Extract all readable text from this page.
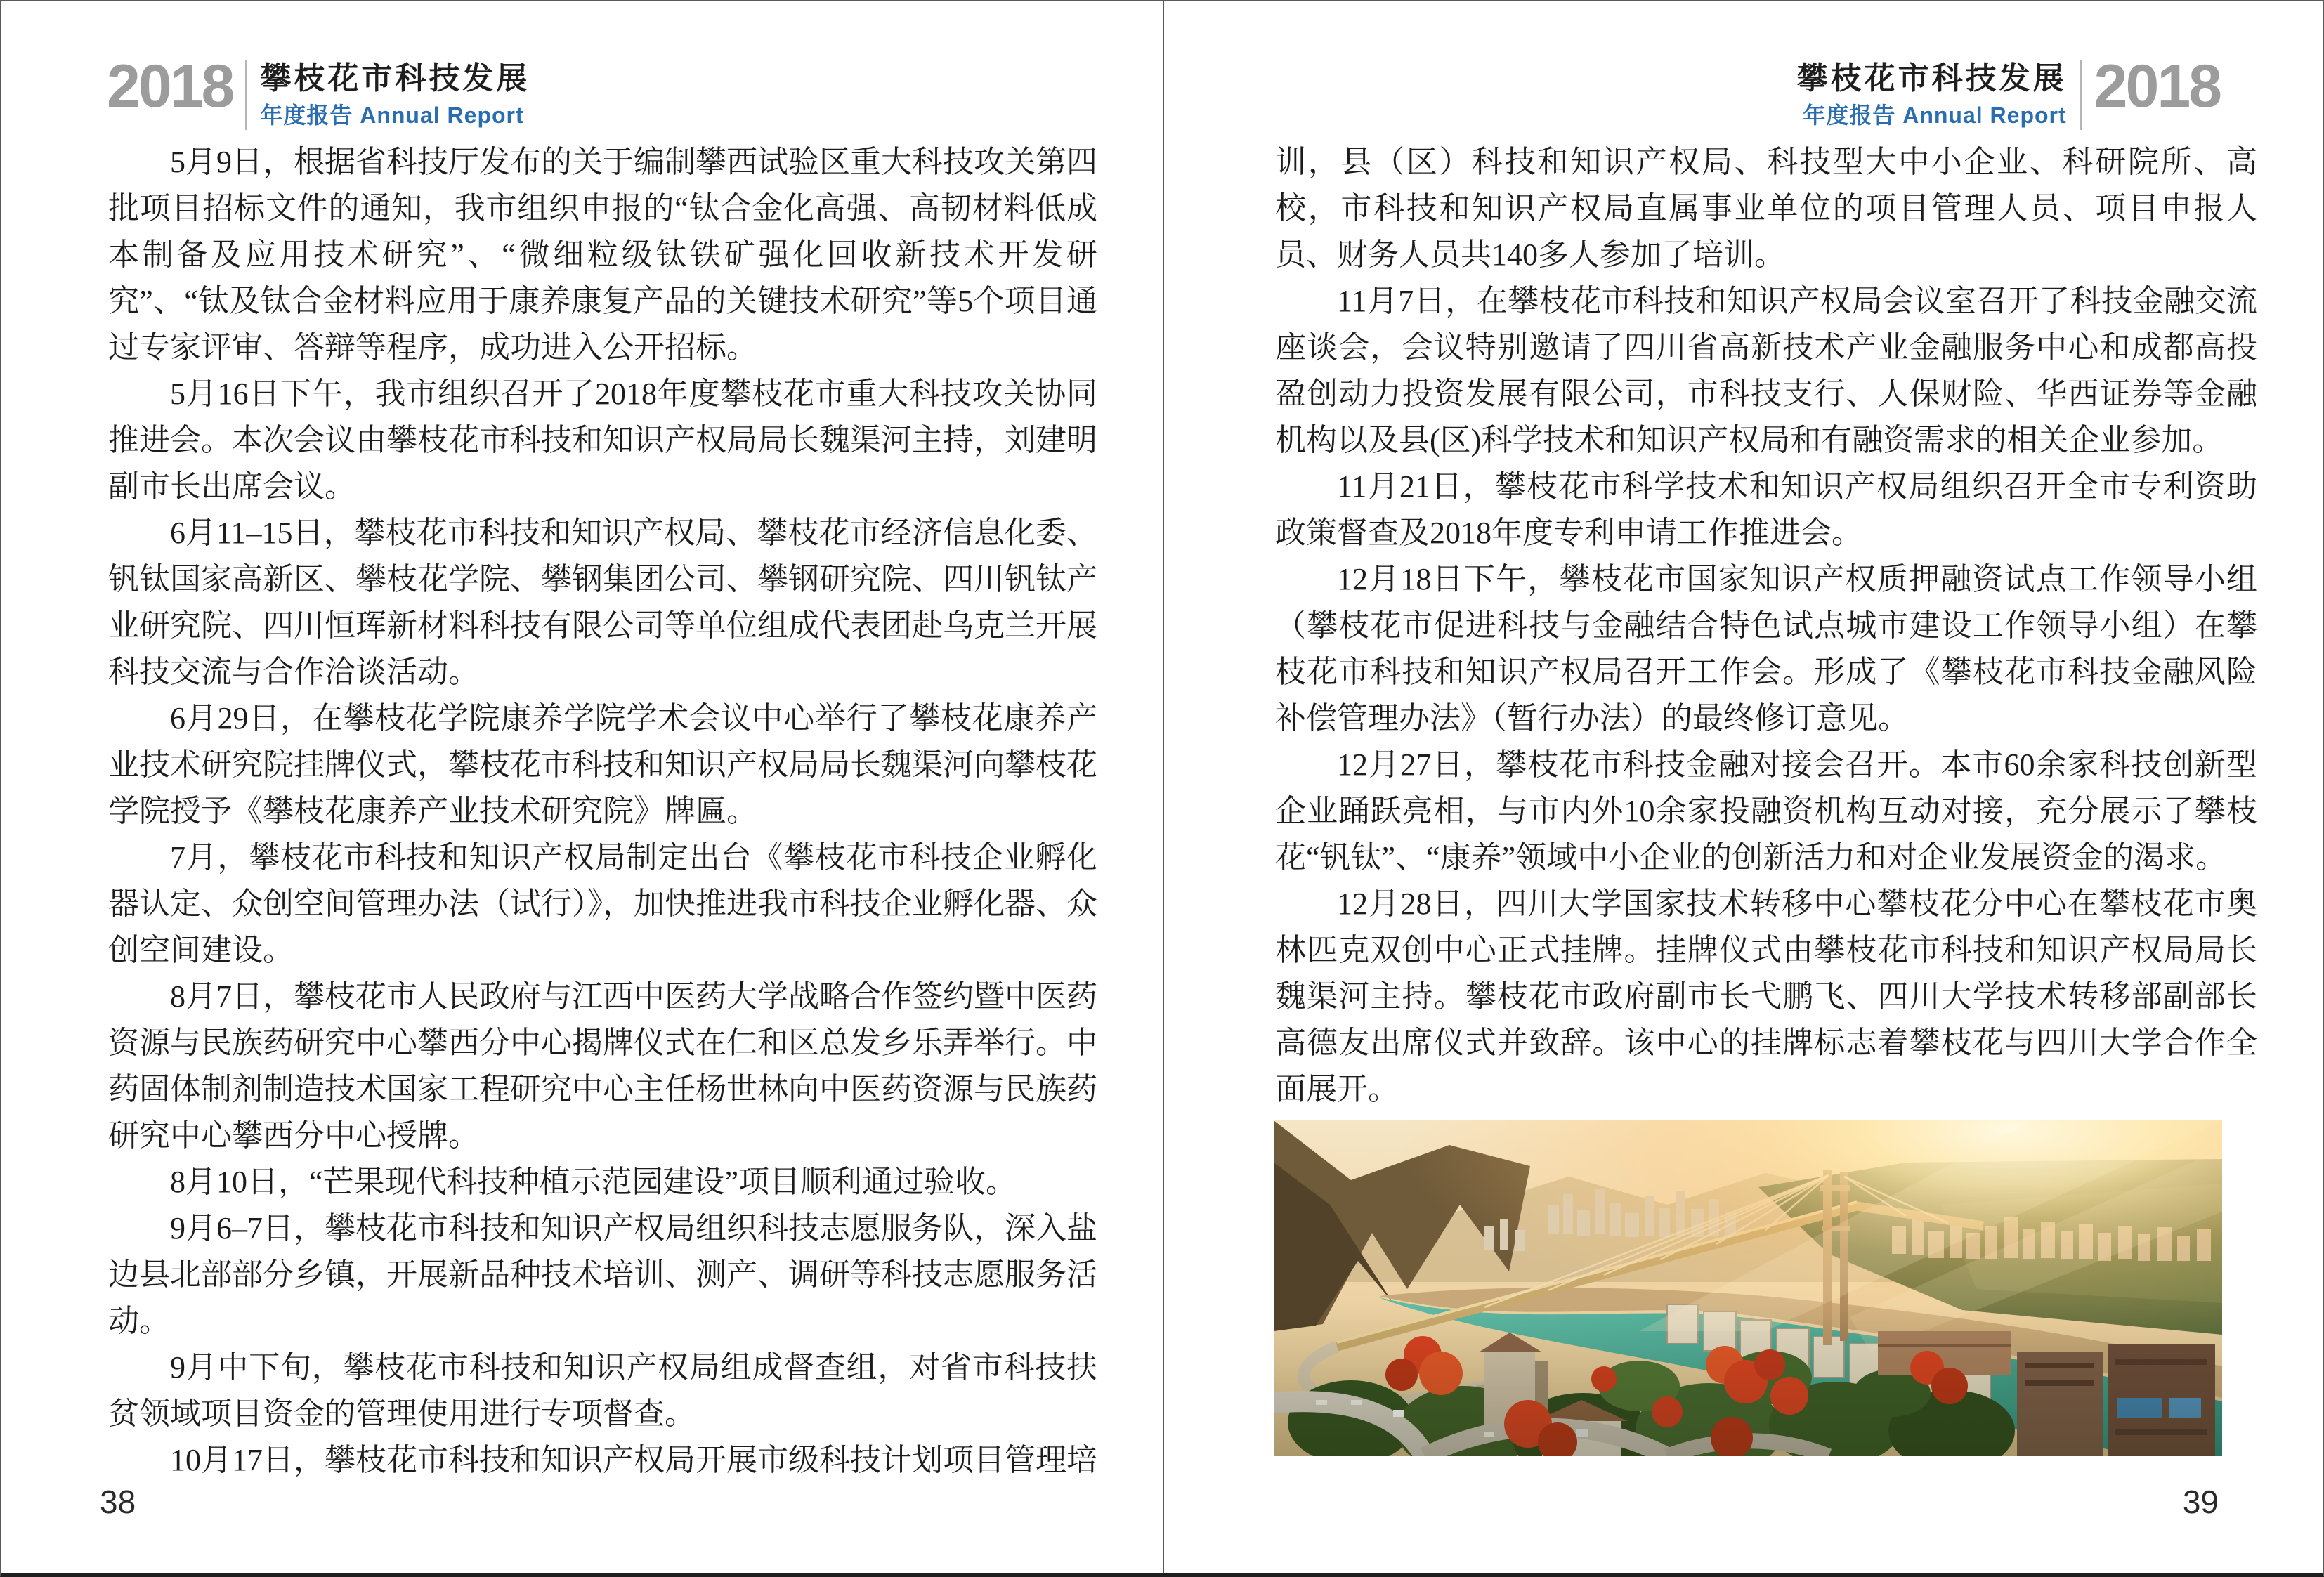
2018 攀枝花市科技发展
年度报告 Annual Report

5月9日，根据省科技厅发布的关于编制攀西试验区重大科技攻关第四批项目招标文件的通知，我市组织申报的“钛合金化高强、高韧材料低成本制备及应用技术研究”、“微细粒级钛铁矿强化回收新技术开发研究”、“钛及钛合金材料应用于康养康复产品的关键技术研究”等5个项目通过专家评审、答辩等程序，成功进入公开招标。

5月16日下午，我市组织召开了2018年度攀枝花市重大科技攻关协同推进会。本次会议由攀枝花市科技和知识产权局局长魏渠河主持，刘建明副市长出席会议。

6月11–15日，攀枝花市科技和知识产权局、攀枝花市经济信息化委、钒钛国家高新区、攀枝花学院、攀钢集团公司、攀钢研究院、四川钒钛产业研究院、四川恒珲新材料科技有限公司等单位组成代表团赴乌克兰开展科技交流与合作洽谈活动。

6月29日，在攀枝花学院康养学院学术会议中心举行了攀枝花康养产业技术研究院挂牌仪式，攀枝花市科技和知识产权局局长魏渠河向攀枝花学院授予《攀枝花康养产业技术研究院》牌匾。

7月，攀枝花市科技和知识产权局制定出台《攀枝花市科技企业孵化器认定、众创空间管理办法（试行）》，加快推进我市科技企业孵化器、众创空间建设。

8月7日，攀枝花市人民政府与江西中医药大学战略合作签约暨中医药资源与民族药研究中心攀西分中心揭牌仪式在仁和区总发乡乐弄举行。中药固体制剂制造技术国家工程研究中心主任杨世林向中医药资源与民族药研究中心攀西分中心授牌。

8月10日，“芒果现代科技种植示范园建设”项目顺利通过验收。

9月6–7日，攀枝花市科技和知识产权局组织科技志愿服务队，深入盐边县北部部分乡镇，开展新品种技术培训、测产、调研等科技志愿服务活动。

9月中下旬，攀枝花市科技和知识产权局组成督查组，对省市科技扶贫领域项目资金的管理使用进行专项督查。

10月17日，攀枝花市科技和知识产权局开展市级科技计划项目管理培

38
攀枝花市科技发展
年度报告 Annual Report 2018

训，县（区）科技和知识产权局、科技型大中小企业、科研院所、高校，市科技和知识产权局直属事业单位的项目管理人员、项目申报人员、财务人员共140多人参加了培训。

11月7日，在攀枝花市科技和知识产权局会议室召开了科技金融交流座谈会，会议特别邀请了四川省高新技术产业金融服务中心和成都高投盈创动力投资发展有限公司，市科技支行、人保财险、华西证券等金融机构以及县(区)科学技术和知识产权局和有融资需求的相关企业参加。

11月21日，攀枝花市科学技术和知识产权局组织召开全市专利资助政策督查及2018年度专利申请工作推进会。

12月18日下午，攀枝花市国家知识产权质押融资试点工作领导小组（攀枝花市促进科技与金融结合特色试点城市建设工作领导小组）在攀枝花市科技和知识产权局召开工作会。形成了《攀枝花市科技金融风险补偿管理办法》（暂行办法）的最终修订意见。

12月27日，攀枝花市科技金融对接会召开。本市60余家科技创新型企业踊跃亮相，与市内外10余家投融资机构互动对接，充分展示了攀枝花“钒钛”、“康养”领域中小企业的创新活力和对企业发展资金的渴求。

12月28日，四川大学国家技术转移中心攀枝花分中心在攀枝花市奥林匹克双创中心正式挂牌。挂牌仪式由攀枝花市科技和知识产权局局长魏渠河主持。攀枝花市政府副市长弋鹏飞、四川大学技术转移部副部长高德友出席仪式并致辞。该中心的挂牌标志着攀枝花与四川大学合作全面展开。

39
